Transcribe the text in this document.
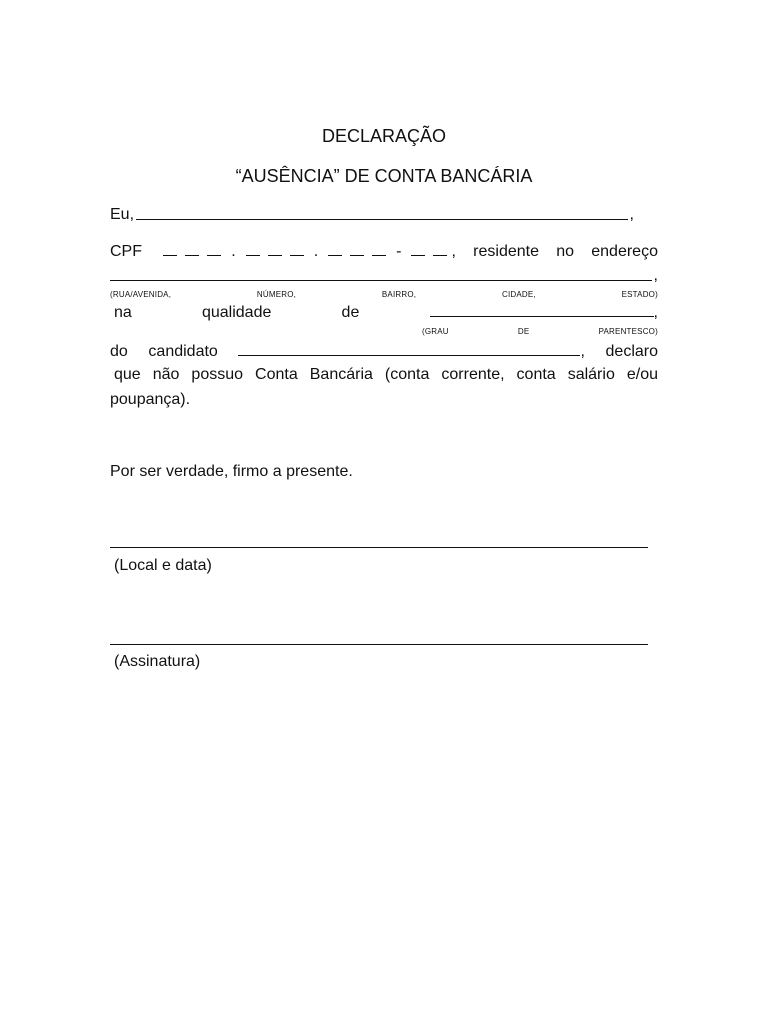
DECLARAÇÃO
“AUSÊNCIA” DE CONTA BANCÁRIA
Eu,	,
CPF	.	.	-	, residente no endereço
,
(RUA/AVENIDA,	NÚMERO,	BAIRRO,	CIDADE,	ESTADO)
na	qualidade	de	,
(GRAU	DE	PARENTESCO)
do candidato	, declaro
que não possuo Conta Bancária (conta corrente, conta salário e/ou
poupança).
Por ser verdade, firmo a presente.
(Local e data)
(Assinatura)
